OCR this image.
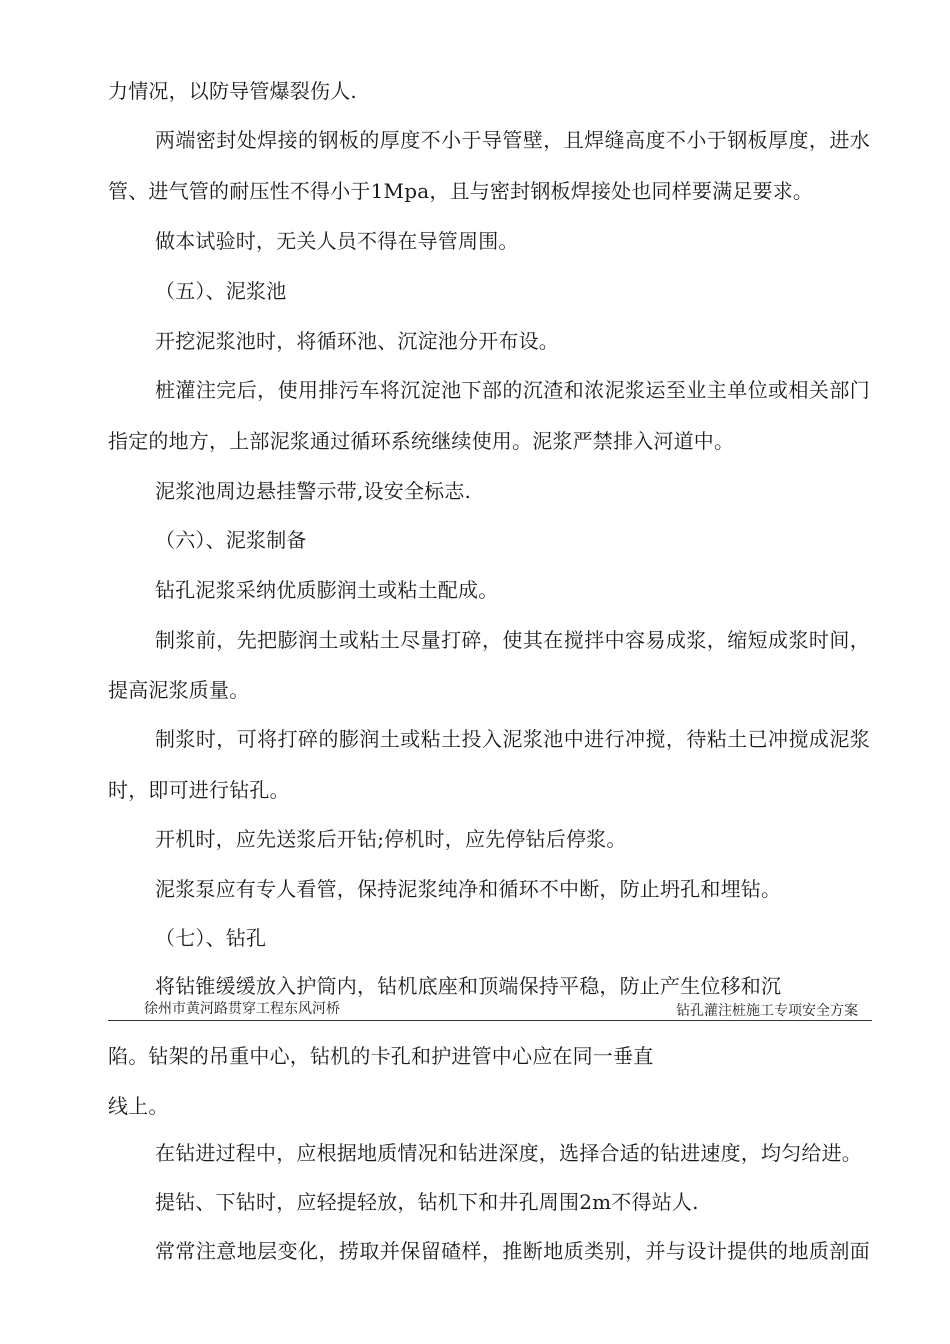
力情况，以防导管爆裂伤人.
两端密封处焊接的钢板的厚度不小于导管壁，且焊缝高度不小于钢板厚度，进水
管、进气管的耐压性不得小于1Mpa，且与密封钢板焊接处也同样要满足要求。
做本试验时，无关人员不得在导管周围。
（五）、泥浆池
开挖泥浆池时，将循环池、沉淀池分开布设。
桩灌注完后，使用排污车将沉淀池下部的沉渣和浓泥浆运至业主单位或相关部门
指定的地方，上部泥浆通过循环系统继续使用。泥浆严禁排入河道中。
泥浆池周边悬挂警示带,设安全标志.
（六）、泥浆制备
钻孔泥浆采纳优质膨润土或粘土配成。
制浆前，先把膨润土或粘土尽量打碎，使其在搅拌中容易成浆，缩短成浆时间，
提高泥浆质量。
制浆时，可将打碎的膨润土或粘土投入泥浆池中进行冲搅，待粘土已冲搅成泥浆
时，即可进行钻孔。
开机时，应先送浆后开钻;停机时，应先停钻后停浆。
泥浆泵应有专人看管，保持泥浆纯净和循环不中断，防止坍孔和埋钻。
（七）、钻孔
将钻锥缓缓放入护筒内，钻机底座和顶端保持平稳，防止产生位移和沉
徐州市黄河路贯穿工程东风河桥	钻孔灌注桩施工专项安全方案
陷。钻架的吊重中心，钻机的卡孔和护进管中心应在同一垂直
线上。
在钻进过程中，应根据地质情况和钻进深度，选择合适的钻进速度，均匀给进。
提钻、下钻时，应轻提轻放，钻机下和井孔周围2m不得站人.
常常注意地层变化，捞取并保留碴样，推断地质类别，并与设计提供的地质剖面
